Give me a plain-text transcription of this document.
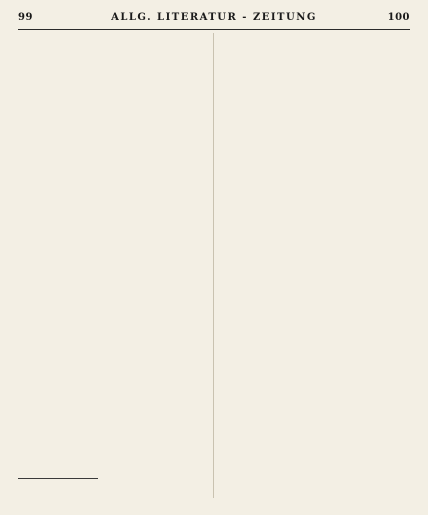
99	ALLG. LITERATUR - ZEITUNG	100
